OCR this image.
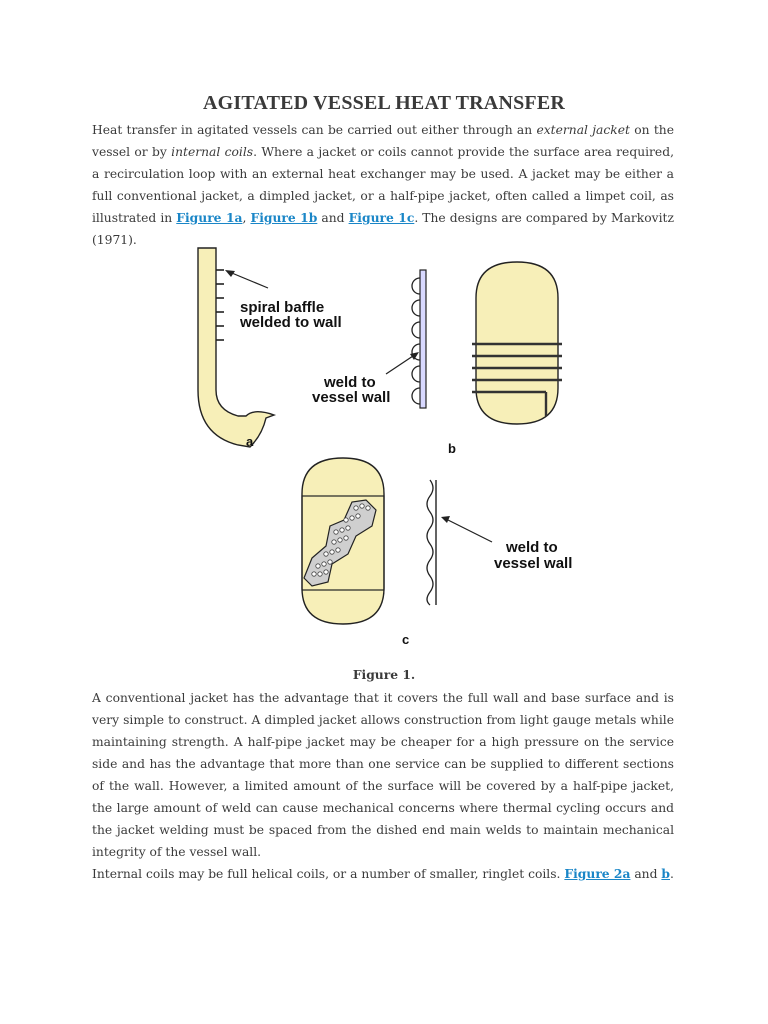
AGITATED VESSEL HEAT TRANSFER
Heat transfer in agitated vessels can be carried out either through an external jacket on the vessel or by internal coils. Where a jacket or coils cannot provide the surface area required, a recirculation loop with an external heat exchanger may be used. A jacket may be either a full conventional jacket, a dimpled jacket, or a half-pipe jacket, often called a limpet coil, as illustrated in Figure 1a, Figure 1b and Figure 1c. The designs are compared by Markovitz (1971).
spiral baffle
welded to wall
a
weld to
vessel wall
b
c
weld to
vessel wall
Figure 1.
A conventional jacket has the advantage that it covers the full wall and base surface and is very simple to construct. A dimpled jacket allows construction from light gauge metals while maintaining strength. A half-pipe jacket may be cheaper for a high pressure on the service side and has the advantage that more than one service can be supplied to different sections of the wall. However, a limited amount of the surface will be covered by a half-pipe jacket, the large amount of weld can cause mechanical concerns where thermal cycling occurs and the jacket welding must be spaced from the dished end main welds to maintain mechanical integrity of the vessel wall.
Internal coils may be full helical coils, or a number of smaller, ringlet coils. Figure 2a and b.
